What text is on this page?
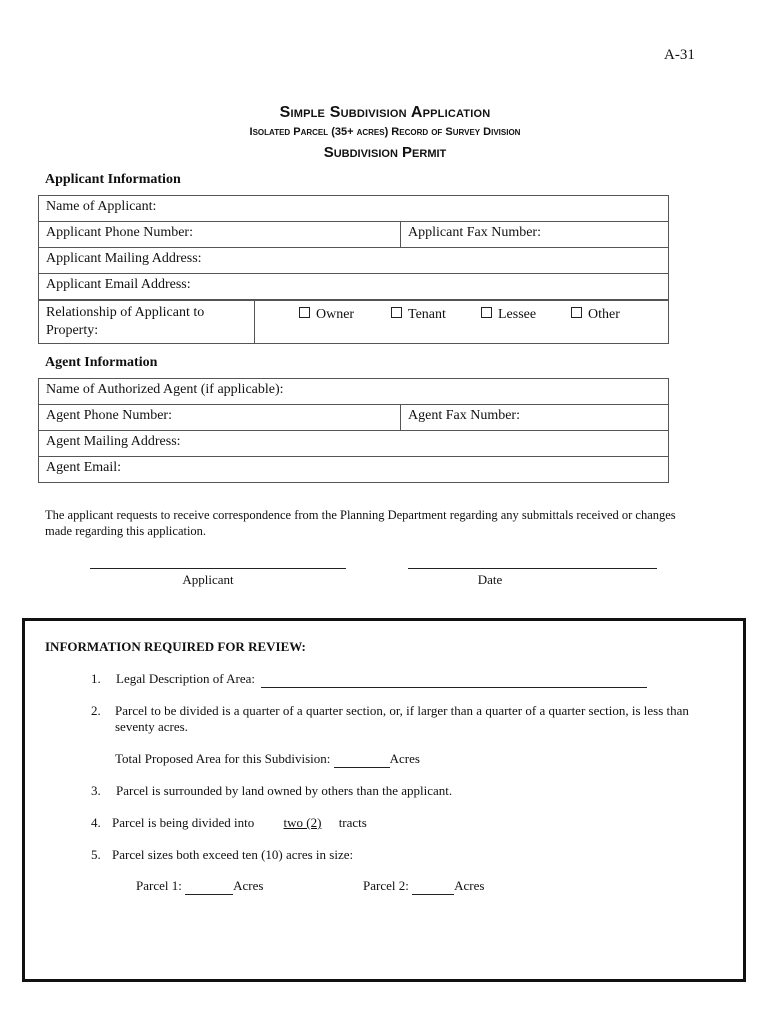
A-31
Simple Subdivision Application
Isolated Parcel (35+ acres) Record of Survey Division
Subdivision Permit
Applicant Information
Name of Applicant:
Applicant Phone Number:	Applicant Fax Number:
Applicant Mailing Address:
Applicant Email Address:
Relationship of Applicant to Property:	
Owner	Tenant	Lessee	Other
Agent Information
Name of Authorized Agent (if applicable):
Agent Phone Number:	Agent Fax Number:
Agent Mailing Address:
Agent Email:
The applicant requests to receive correspondence from the Planning Department regarding any submittals received or changes made regarding this application.
Applicant	Date
INFORMATION REQUIRED FOR REVIEW:
1. Legal Description of Area:
2. Parcel to be divided is a quarter of a quarter section, or, if larger than a quarter of a quarter section, is less than seventy acres.
Total Proposed Area for this Subdivision:	Acres
3. Parcel is surrounded by land owned by others than the applicant.
4. Parcel is being divided into two (2) tracts
5. Parcel sizes both exceed ten (10) acres in size:
Parcel 1:	Acres	Parcel 2:	Acres
